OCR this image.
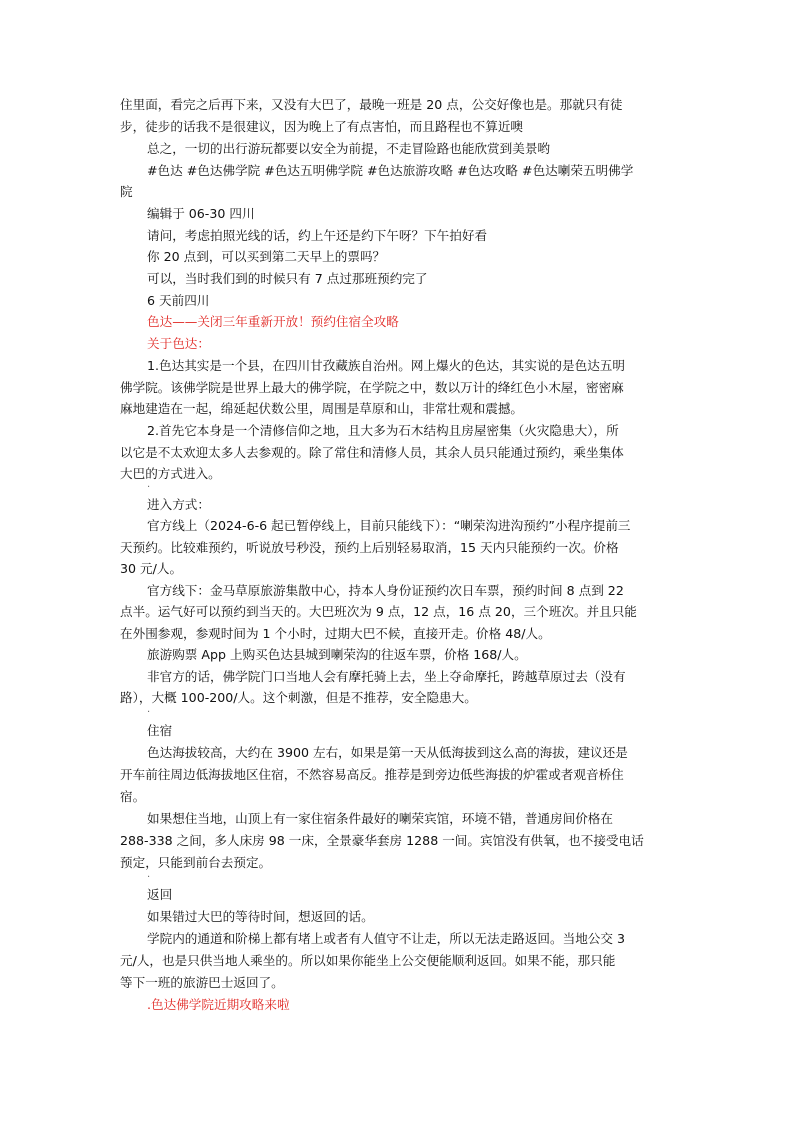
住里面，看完之后再下来，又没有大巴了，最晚一班是 20 点，公交好像也是。那就只有徒
步，徒步的话我不是很建议，因为晚上了有点害怕，而且路程也不算近噢
总之，一切的出行游玩都要以安全为前提，不走冒险路也能欣赏到美景哟
#色达 #色达佛学院 #色达五明佛学院 #色达旅游攻略 #色达攻略 #色达喇荣五明佛学
院
编辑于 06-30 四川
请问，考虑拍照光线的话，约上午还是约下午呀？下午拍好看
你 20 点到，可以买到第二天早上的票吗？
可以，当时我们到的时候只有 7 点过那班预约完了
6 天前四川
色达——关闭三年重新开放！预约住宿全攻略
关于色达：
1.色达其实是一个县，在四川甘孜藏族自治州。网上爆火的色达，其实说的是色达五明
佛学院。该佛学院是世界上最大的佛学院，在学院之中，数以万计的绛红色小木屋，密密麻
麻地建造在一起，绵延起伏数公里，周围是草原和山，非常壮观和震撼。
2.首先它本身是一个清修信仰之地，且大多为石木结构且房屋密集（火灾隐患大），所
以它是不太欢迎太多人去参观的。除了常住和清修人员，其余人员只能通过预约，乘坐集体
大巴的方式进入。
.
进入方式：
官方线上（2024-6-6 起已暂停线上，目前只能线下）：“喇荣沟进沟预约”小程序提前三
天预约。比较难预约，听说放号秒没，预约上后别轻易取消，15 天内只能预约一次。价格
30 元/人。
官方线下：金马草原旅游集散中心，持本人身份证预约次日车票，预约时间 8 点到 22
点半。运气好可以预约到当天的。大巴班次为 9 点，12 点，16 点 20，三个班次。并且只能
在外围参观，参观时间为 1 个小时，过期大巴不候，直接开走。价格 48/人。
旅游购票 App 上购买色达县城到喇荣沟的往返车票，价格 168/人。
非官方的话，佛学院门口当地人会有摩托骑上去，坐上夺命摩托，跨越草原过去（没有
路），大概 100-200/人。这个刺激，但是不推荐，安全隐患大。
.
住宿
色达海拔较高，大约在 3900 左右，如果是第一天从低海拔到这么高的海拔，建议还是
开车前往周边低海拔地区住宿，不然容易高反。推荐是到旁边低些海拔的炉霍或者观音桥住
宿。
如果想住当地，山顶上有一家住宿条件最好的喇荣宾馆，环境不错，普通房间价格在
288-338 之间，多人床房 98 一床，全景豪华套房 1288 一间。宾馆没有供氧，也不接受电话
预定，只能到前台去预定。
.
返回
如果错过大巴的等待时间，想返回的话。
学院内的通道和阶梯上都有堵上或者有人值守不让走，所以无法走路返回。当地公交 3
元/人，也是只供当地人乘坐的。所以如果你能坐上公交便能顺利返回。如果不能，那只能
等下一班的旅游巴士返回了。
.色达佛学院近期攻略来啦
